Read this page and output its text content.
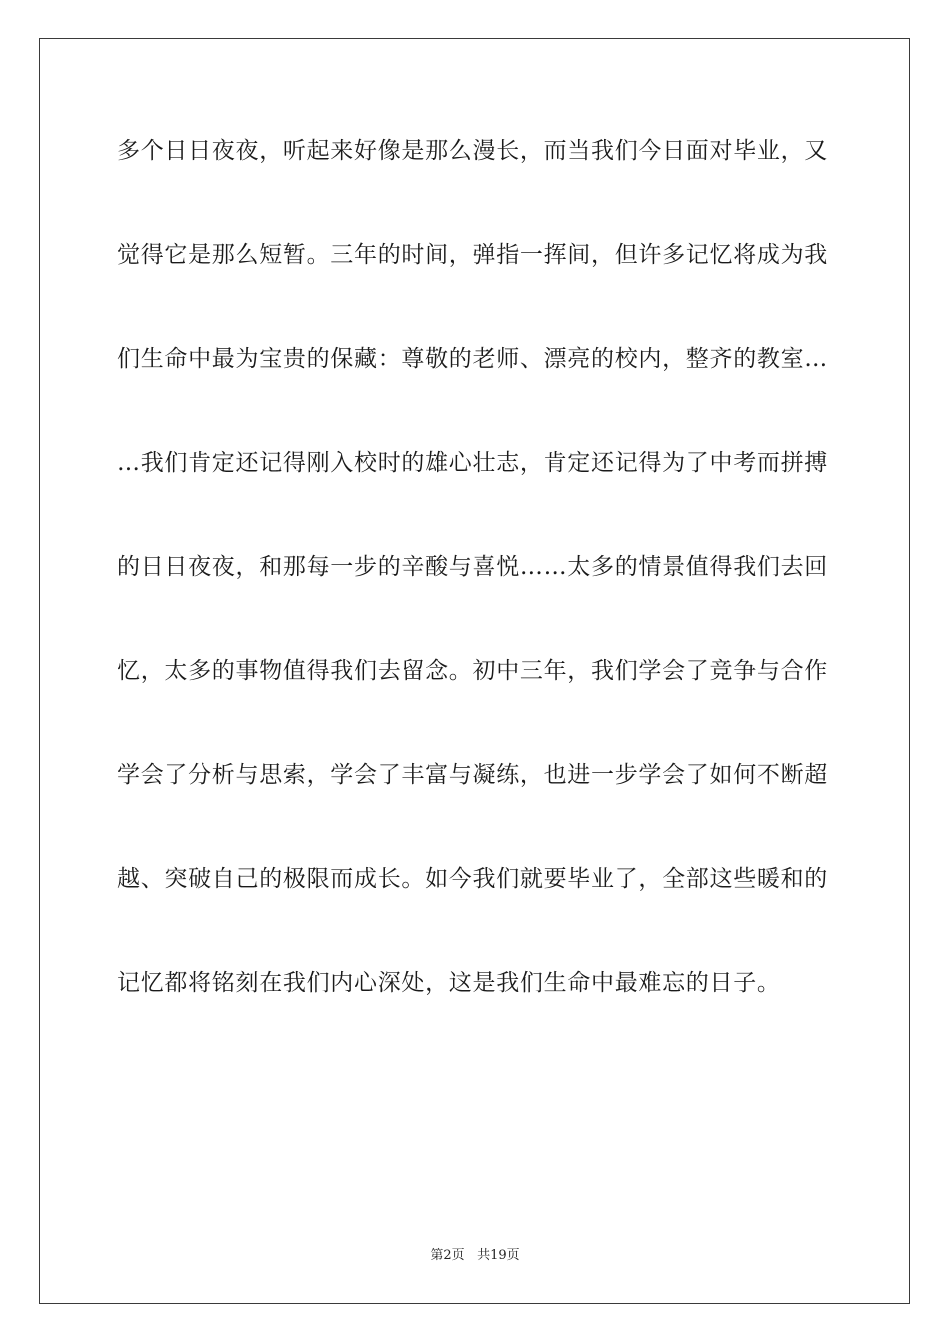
多个日日夜夜，听起来好像是那么漫长，而当我们今日面对毕业，又
觉得它是那么短暂。三年的时间，弹指一挥间，但许多记忆将成为我
们生命中最为宝贵的保藏：尊敬的老师、漂亮的校内，整齐的教室…
…我们肯定还记得刚入校时的雄心壮志，肯定还记得为了中考而拼搏
的日日夜夜，和那每一步的辛酸与喜悦……太多的情景值得我们去回
忆，太多的事物值得我们去留念。初中三年，我们学会了竞争与合作
学会了分析与思索，学会了丰富与凝练，也进一步学会了如何不断超
越、突破自己的极限而成长。如今我们就要毕业了，全部这些暖和的
记忆都将铭刻在我们内心深处，这是我们生命中最难忘的日子。
第2页 共19页
